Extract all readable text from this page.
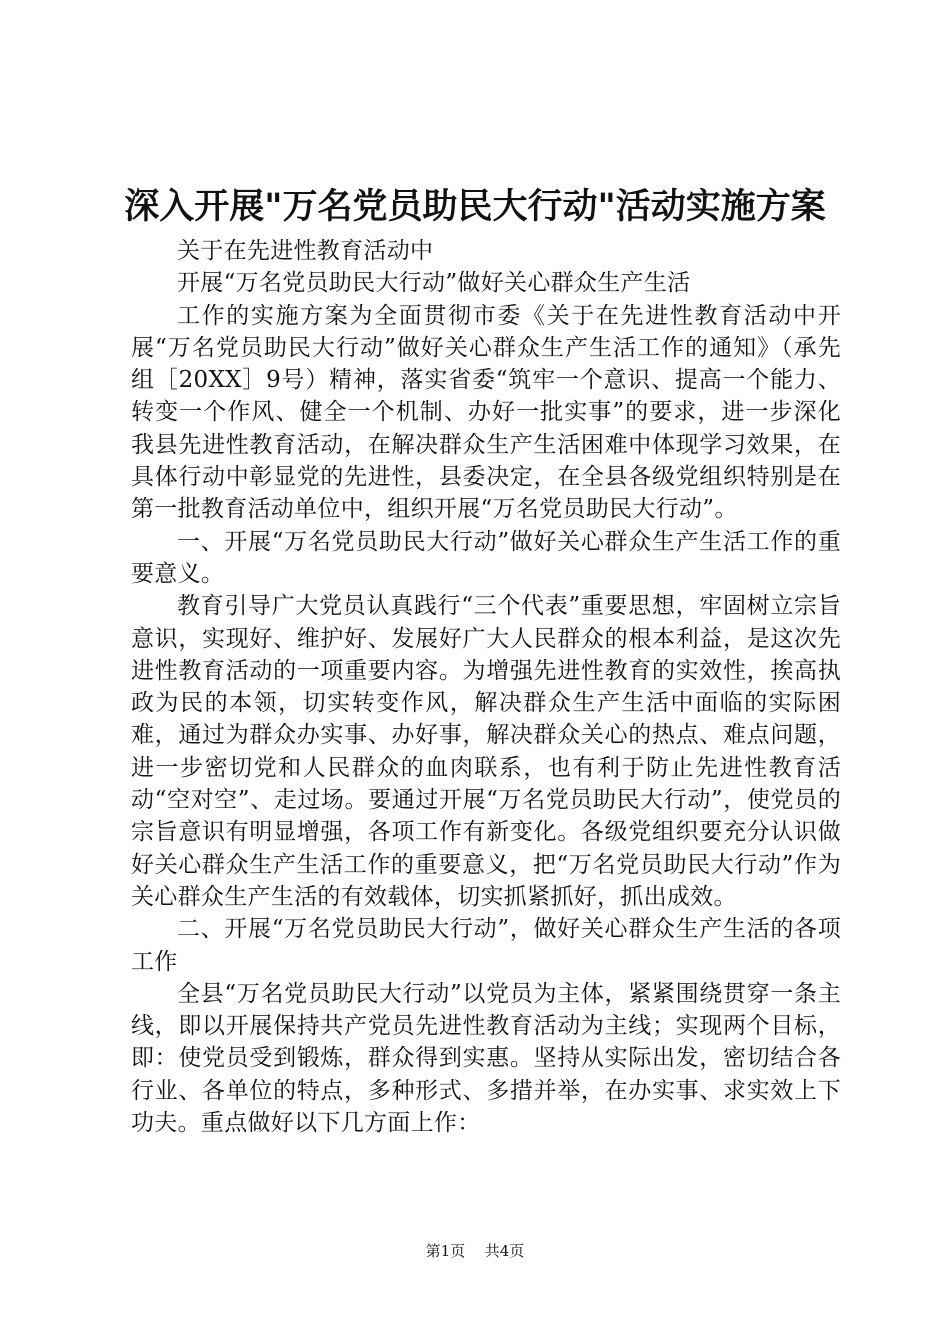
深入开展"万名党员助民大行动"活动实施方案

关于在先进性教育活动中

开展“万名党员助民大行动”做好关心群众生产生活

工作的实施方案为全面贯彻市委《关于在先进性教育活动中开展“万名党员助民大行动”做好关心群众生产生活工作的通知》（承先组［20XX］9号）精神，落实省委“筑牢一个意识、提高一个能力、转变一个作风、健全一个机制、办好一批实事”的要求，进一步深化我县先进性教育活动，在解决群众生产生活困难中体现学习效果，在具体行动中彰显党的先进性，县委决定，在全县各级党组织特别是在第一批教育活动单位中，组织开展“万名党员助民大行动”。

一、开展“万名党员助民大行动”做好关心群众生产生活工作的重要意义。

教育引导广大党员认真践行“三个代表”重要思想，牢固树立宗旨意识，实现好、维护好、发展好广大人民群众的根本利益，是这次先进性教育活动的一项重要内容。为增强先进性教育的实效性，挨高执政为民的本领，切实转变作风，解决群众生产生活中面临的实际困难，通过为群众办实事、办好事，解决群众关心的热点、难点问题，进一步密切党和人民群众的血肉联系，也有利于防止先进性教育活动“空对空”、走过场。要通过开展“万名党员助民大行动”，使党员的宗旨意识有明显增强，各项工作有新变化。各级党组织要充分认识做好关心群众生产生活工作的重要意义，把“万名党员助民大行动”作为关心群众生产生活的有效载体，切实抓紧抓好，抓出成效。

二、开展“万名党员助民大行动”，做好关心群众生产生活的各项工作

全县“万名党员助民大行动”以党员为主体，紧紧围绕贯穿一条主线，即以开展保持共产党员先进性教育活动为主线；实现两个目标，即：使党员受到锻炼，群众得到实惠。坚持从实际出发，密切结合各行业、各单位的特点，多种形式、多措并举，在办实事、求实效上下功夫。重点做好以下几方面上作：

第1页 共4页
